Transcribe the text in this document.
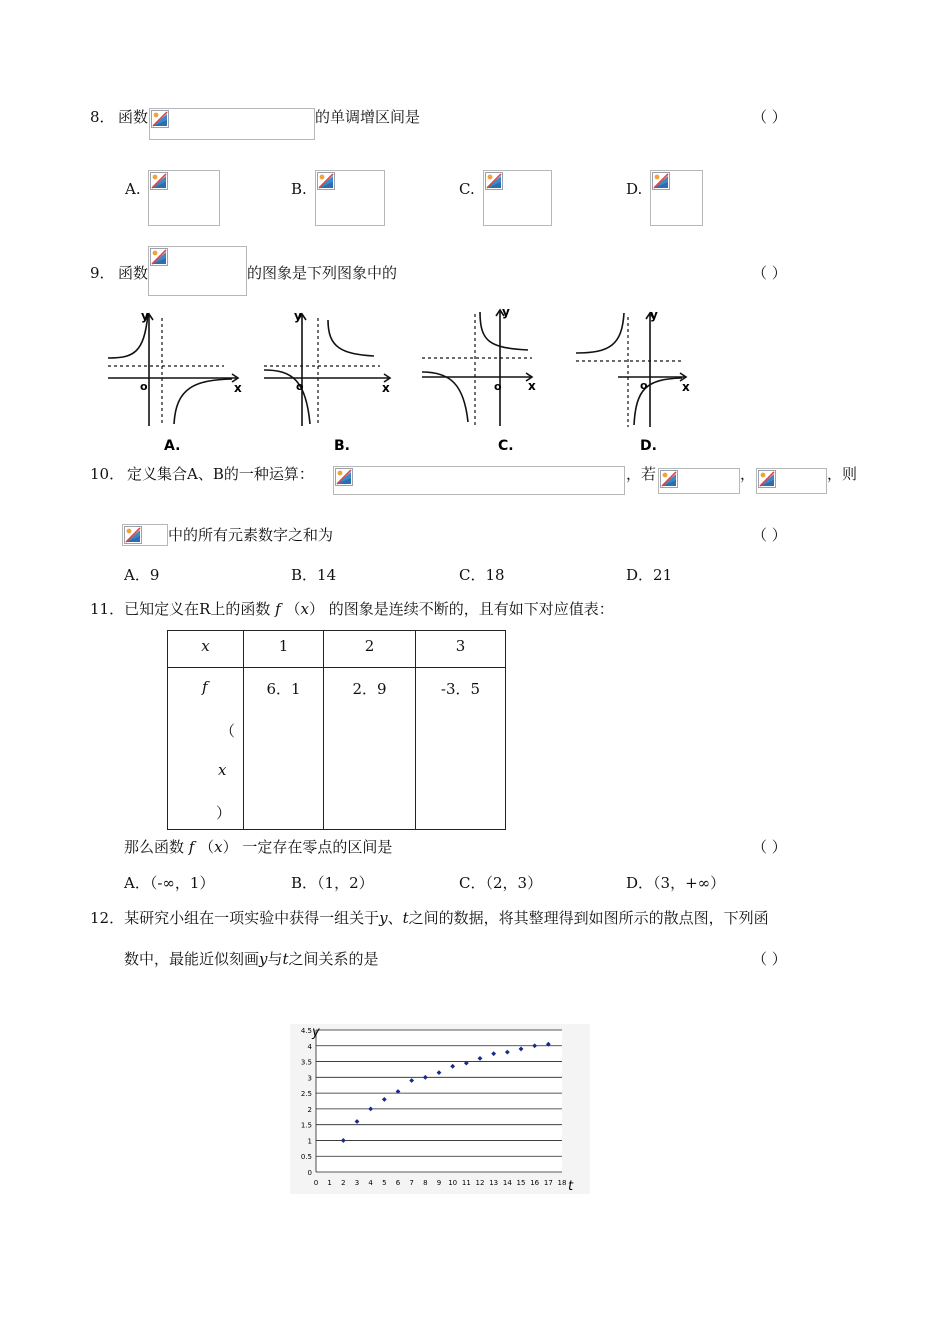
8． 函数	的单调增区间是	（ ）
A.	B.	C.	D.
9． 函数	的图象是下列图象中的	（ ）
x
y
o
A.
x
y
o
B.
x
y
o
C.
x
y
o
D.
10． 定义集合A、B的一种运算：	，若	，	，则
中的所有元素数字之和为	（ ）
A．9	B．14	C．18	D．21
11．已知定义在R上的函数 f （x） 的图象是连续不断的，且有如下对应值表：
x	1	2	3

f
（
x
）	6．1	2．9	-3．5
那么函数 f （x） 一定存在零点的区间是	（ ）
A．（-∞，1）	B．（1，2）	C．（2，3）	D．（3，+∞）
12．某研究小组在一项实验中获得一组关于y、t之间的数据，将其整理得到如图所示的散点图，下列函
数中，最能近似刻画y与t之间关系的是	（ ）
0
0.5
1
1.5
2
2.5
3
3.5
4
4.5
0 1 2 3 4 5 6 7 8 9 10 11 12 13 14 15 16 17 18
y
t
